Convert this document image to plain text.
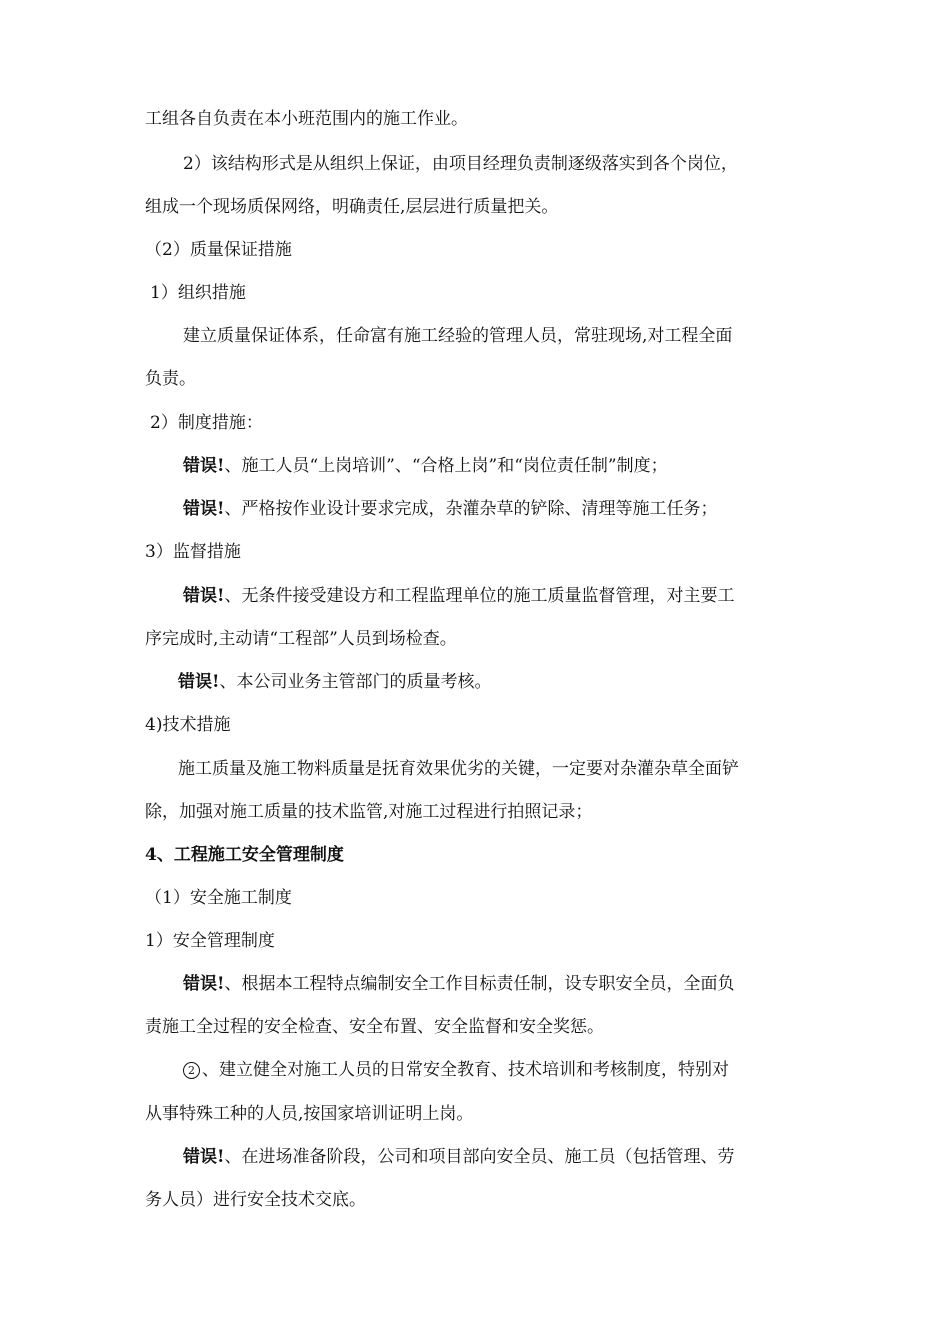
工组各自负责在本小班范围内的施工作业。
2）该结构形式是从组织上保证，由项目经理负责制逐级落实到各个岗位，
组成一个现场质保网络，明确责任,层层进行质量把关。
（2）质量保证措施
1）组织措施
建立质量保证体系，任命富有施工经验的管理人员，常驻现场,对工程全面
负责。
2）制度措施：
错误!、施工人员“上岗培训”、“合格上岗”和“岗位责任制”制度；
错误!、严格按作业设计要求完成，杂灌杂草的铲除、清理等施工任务；
3）监督措施
错误!、无条件接受建设方和工程监理单位的施工质量监督管理，对主要工
序完成时,主动请“工程部”人员到场检查。
错误!、本公司业务主管部门的质量考核。
4)技术措施
施工质量及施工物料质量是抚育效果优劣的关键，一定要对杂灌杂草全面铲
除，加强对施工质量的技术监管,对施工过程进行拍照记录；
4、工程施工安全管理制度
（1）安全施工制度
1）安全管理制度
错误!、根据本工程特点编制安全工作目标责任制，设专职安全员，全面负
责施工全过程的安全检查、安全布置、安全监督和安全奖惩。
2 、建立健全对施工人员的日常安全教育、技术培训和考核制度，特别对
从事特殊工种的人员,按国家培训证明上岗。
错误!、在进场准备阶段，公司和项目部向安全员、施工员（包括管理、劳
务人员）进行安全技术交底。
